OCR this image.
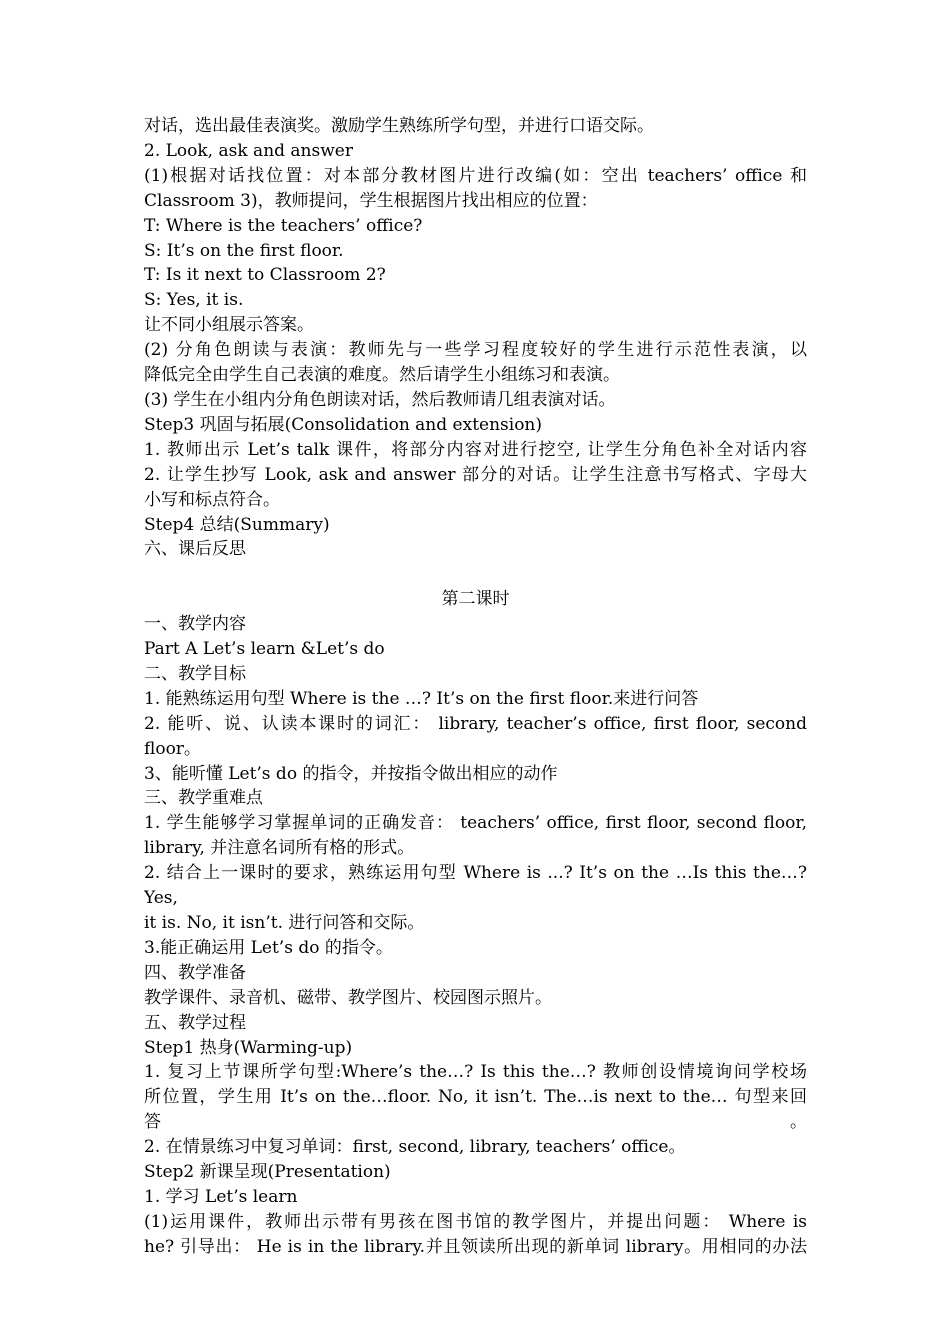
对话，选出最佳表演奖。激励学生熟练所学句型，并进行口语交际。
2. Look, ask and answer
(1)根据对话找位置：对本部分教材图片进行改编(如：空出 teachers’ office 和
Classroom 3)，教师提问，学生根据图片找出相应的位置：
T: Where is the teachers’ office?
S: It’s on the first floor.
T: Is it next to Classroom 2?
S: Yes, it is.
让不同小组展示答案。
(2) 分角色朗读与表演：教师先与一些学习程度较好的学生进行示范性表演，以
降低完全由学生自己表演的难度。然后请学生小组练习和表演。
(3) 学生在小组内分角色朗读对话，然后教师请几组表演对话。
Step3 巩固与拓展(Consolidation and extension)
1. 教师出示 Let’s talk 课件，将部分内容对进行挖空, 让学生分角色补全对话内容
2. 让学生抄写 Look, ask and answer 部分的对话。让学生注意书写格式、字母大
小写和标点符合。
Step4 总结(Summary)
六、课后反思
第二课时
一、教学内容
Part A Let’s learn &Let’s do
二、教学目标
1. 能熟练运用句型 Where is the …? It’s on the first floor.来进行问答
2. 能听、说、认读本课时的词汇： library, teacher’s office, first floor, second
floor。
3、能听懂 Let’s do 的指令，并按指令做出相应的动作
三、教学重难点
1. 学生能够学习掌握单词的正确发音： teachers’ office, first floor, second floor,
library, 并注意名词所有格的形式。
2. 结合上一课时的要求，熟练运用句型 Where is ...? It’s on the …Is this the…? Yes,
it is. No, it isn’t. 进行问答和交际。
3.能正确运用 Let’s do 的指令。
四、教学准备
教学课件、录音机、磁带、教学图片、校园图示照片。
五、教学过程
Step1 热身(Warming-up)
1. 复习上节课所学句型:Where’s the…? Is this the…? 教师创设情境询问学校场
所位置，学生用 It’s on the…floor. No, it isn’t. The…is next to the… 句型来回答。
2. 在情景练习中复习单词：first, second, library, teachers’ office。
Step2 新课呈现(Presentation)
1. 学习 Let’s learn
(1)运用课件，教师出示带有男孩在图书馆的教学图片，并提出问题： Where is
he? 引导出： He is in the library.并且领读所出现的新单词 library。用相同的办法
